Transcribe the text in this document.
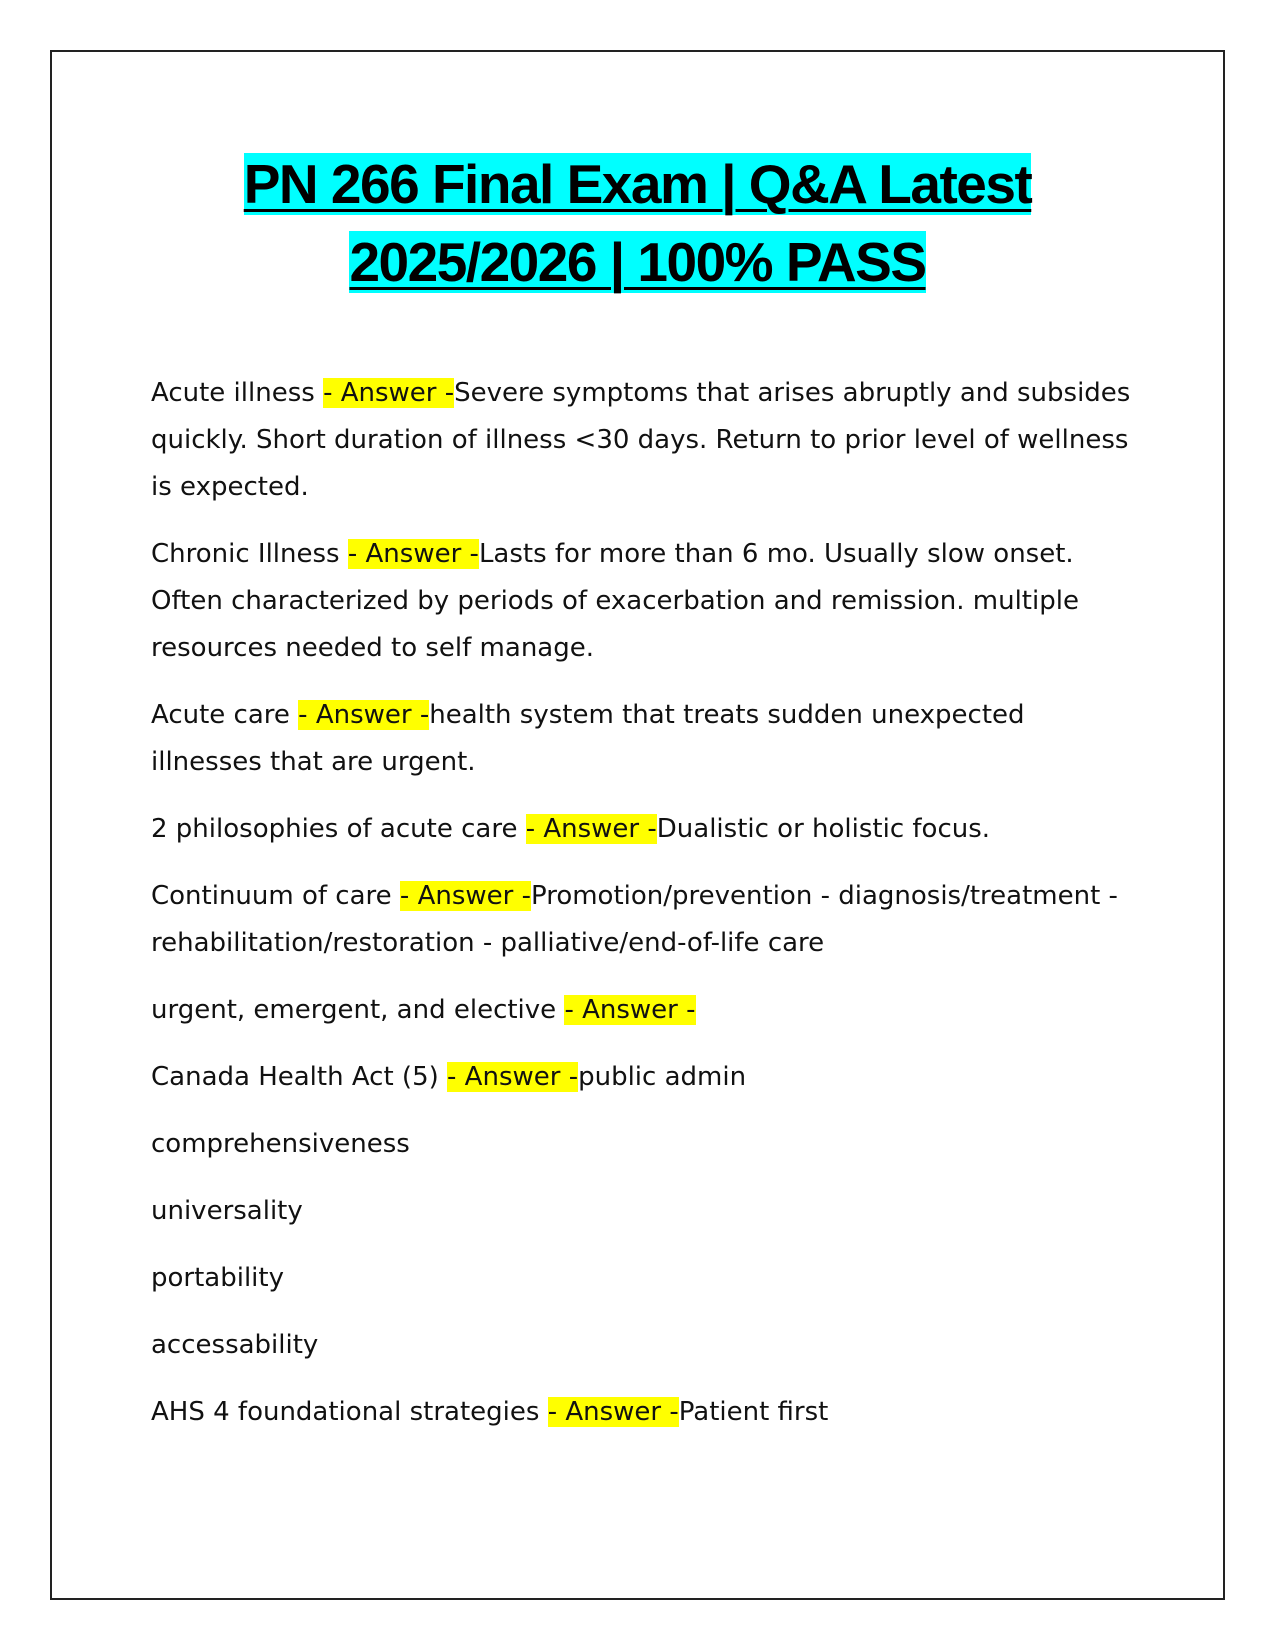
PN 266 Final Exam | Q&A Latest
2025/2026 | 100% PASS

Acute illness - Answer -Severe symptoms that arises abruptly and subsides quickly. Short duration of illness <30 days. Return to prior level of wellness is expected.

Chronic Illness - Answer -Lasts for more than 6 mo. Usually slow onset. Often characterized by periods of exacerbation and remission. multiple resources needed to self manage.

Acute care - Answer -health system that treats sudden unexpected illnesses that are urgent.

2 philosophies of acute care - Answer -Dualistic or holistic focus.

Continuum of care - Answer -Promotion/prevention - diagnosis/treatment - rehabilitation/restoration - palliative/end-of-life care

urgent, emergent, and elective - Answer -

Canada Health Act (5) - Answer -public admin

comprehensiveness

universality

portability

accessability

AHS 4 foundational strategies - Answer -Patient first
